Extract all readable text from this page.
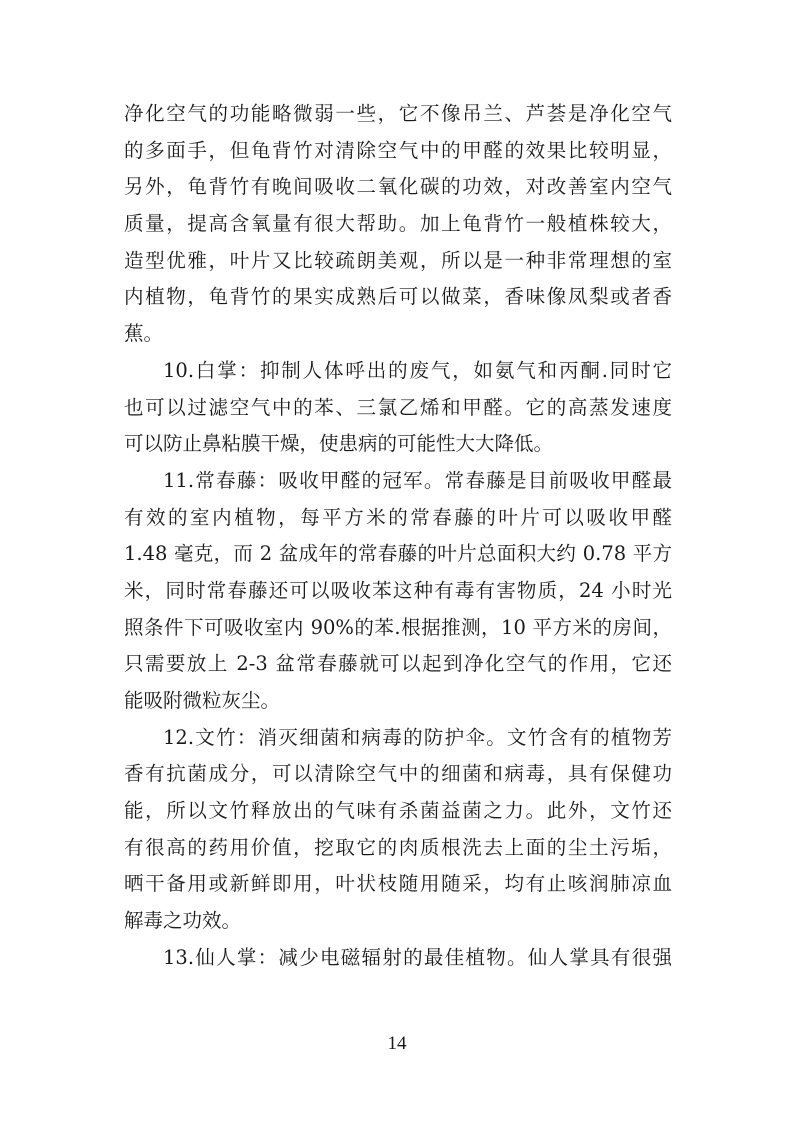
净化空气的功能略微弱一些，它不像吊兰、芦荟是净化空气
的多面手，但龟背竹对清除空气中的甲醛的效果比较明显，
另外，龟背竹有晚间吸收二氧化碳的功效，对改善室内空气
质量，提高含氧量有很大帮助。加上龟背竹一般植株较大，
造型优雅，叶片又比较疏朗美观，所以是一种非常理想的室
内植物，龟背竹的果实成熟后可以做菜，香味像凤梨或者香
蕉。
10.白掌：抑制人体呼出的废气，如氨气和丙酮.同时它
也可以过滤空气中的苯、三氯乙烯和甲醛。它的高蒸发速度
可以防止鼻粘膜干燥，使患病的可能性大大降低。
11.常春藤：吸收甲醛的冠军。常春藤是目前吸收甲醛最
有效的室内植物，每平方米的常春藤的叶片可以吸收甲醛
1.48 毫克，而 2 盆成年的常春藤的叶片总面积大约 0.78 平方
米，同时常春藤还可以吸收苯这种有毒有害物质，24 小时光
照条件下可吸收室内 90%的苯.根据推测，10 平方米的房间，
只需要放上 2-3 盆常春藤就可以起到净化空气的作用，它还
能吸附微粒灰尘。
12.文竹：消灭细菌和病毒的防护伞。文竹含有的植物芳
香有抗菌成分，可以清除空气中的细菌和病毒，具有保健功
能，所以文竹释放出的气味有杀菌益菌之力。此外，文竹还
有很高的药用价值，挖取它的肉质根洗去上面的尘土污垢，
晒干备用或新鲜即用，叶状枝随用随采，均有止咳润肺凉血
解毒之功效。
13.仙人掌：减少电磁辐射的最佳植物。仙人掌具有很强
14
